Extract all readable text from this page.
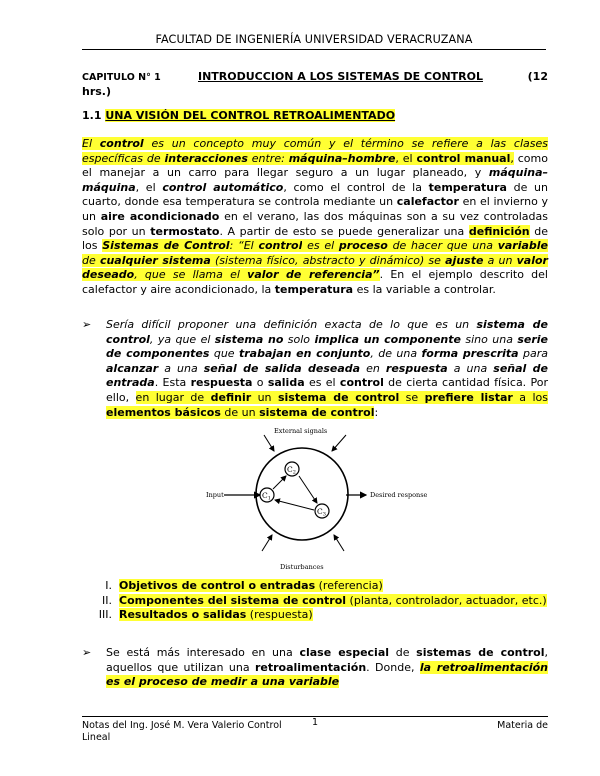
FACULTAD DE INGENIERÍA UNIVERSIDAD VERACRUZANA
CAPITULO N° 1	INTRODUCCION A LOS SISTEMAS DE CONTROL	(12
hrs.)
1.1 UNA VISIÓN DEL CONTROL RETROALIMENTADO
El control es un concepto muy común y el término se refiere a las clases específicas de interacciones entre: máquina–hombre, el control manual, como el manejar a un carro para llegar seguro a un lugar planeado, y máquina–máquina, el control automático, como el control de la temperatura de un cuarto, donde esa temperatura se controla mediante un calefactor en el invierno y un aire acondicionado en el verano, las dos máquinas son a su vez controladas solo por un termostato. A partir de esto se puede generalizar una definición de los Sistemas de Control: “El control es el proceso de hacer que una variable de cualquier sistema (sistema físico, abstracto y dinámico) se ajuste a un valor deseado, que se llama el valor de referencia”. En el ejemplo descrito del calefactor y aire acondicionado, la temperatura es la variable a controlar.
➢ Sería difícil proponer una definición exacta de lo que es un sistema de control, ya que el sistema no solo implica un componente sino una serie de componentes que trabajan en conjunto, de una forma prescrita para alcanzar a una señal de salida deseada en respuesta a una señal de entrada. Esta respuesta o salida es el control de cierta cantidad física. Por ello, en lugar de definir un sistema de control se prefiere listar a los elementos básicos de un sistema de control:
External signals
Input	Desired response
Disturbances
$C_1$
$C_2$
$C_3$
I. Objetivos de control o entradas (referencia)
II. Componentes del sistema de control (planta, controlador, actuador, etc.)
III. Resultados o salidas (respuesta)
➢ Se está más interesado en una clase especial de sistemas de control, aquellos que utilizan una retroalimentación. Donde, la retroalimentación es el proceso de medir a una variable
Notas del Ing. José M. Vera Valerio Control Lineal
1	Materia de
